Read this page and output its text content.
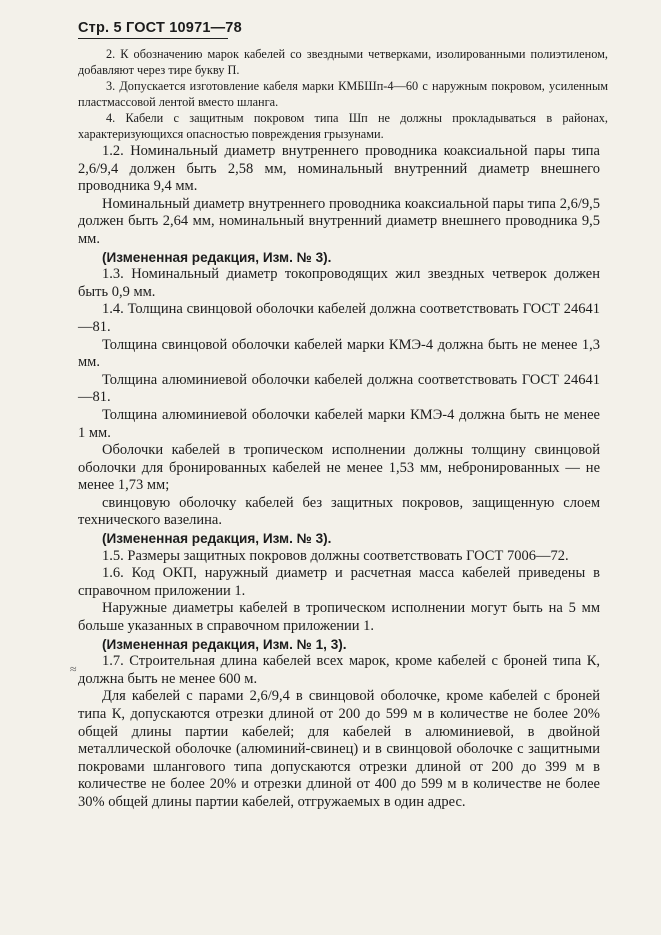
Стр. 5 ГОСТ 10971—78

2. К обозначению марок кабелей со звездными четверками, изолированными полиэтиленом, добавляют через тире букву П.

3. Допускается изготовление кабеля марки КМБШп-4—60 с наружным покровом, усиленным пластмассовой лентой вместо шланга.

4. Кабели с защитным покровом типа Шп не должны прокладываться в районах, характеризующихся опасностью повреждения грызунами.

1.2. Номинальный диаметр внутреннего проводника коаксиальной пары типа 2,6/9,4 должен быть 2,58 мм, номинальный внутренний диаметр внешнего проводника 9,4 мм.

Номинальный диаметр внутреннего проводника коаксиальной пары типа 2,6/9,5 должен быть 2,64 мм, номинальный внутренний диаметр внешнего проводника 9,5 мм.

(Измененная редакция, Изм. № 3).

1.3. Номинальный диаметр токопроводящих жил звездных четверок должен быть 0,9 мм.

1.4. Толщина свинцовой оболочки кабелей должна соответствовать ГОСТ 24641—81.

Толщина свинцовой оболочки кабелей марки КМЭ-4 должна быть не менее 1,3 мм.

Толщина алюминиевой оболочки кабелей должна соответствовать ГОСТ 24641—81.

Толщина алюминиевой оболочки кабелей марки КМЭ-4 должна быть не менее 1 мм.

Оболочки кабелей в тропическом исполнении должны толщину свинцовой оболочки для бронированных кабелей не менее 1,53 мм, небронированных — не менее 1,73 мм;

свинцовую оболочку кабелей без защитных покровов, защищенную слоем технического вазелина.

(Измененная редакция, Изм. № 3).

1.5. Размеры защитных покровов должны соответствовать ГОСТ 7006—72.

1.6. Код ОКП, наружный диаметр и расчетная масса кабелей приведены в справочном приложении 1.

Наружные диаметры кабелей в тропическом исполнении могут быть на 5 мм больше указанных в справочном приложении 1.

(Измененная редакция, Изм. № 1, 3).

1.7. Строительная длина кабелей всех марок, кроме кабелей с броней типа К, должна быть не менее 600 м.

Для кабелей с парами 2,6/9,4 в свинцовой оболочке, кроме кабелей с броней типа К, допускаются отрезки длиной от 200 до 599 м в количестве не более 20% общей длины партии кабелей; для кабелей в алюминиевой, в двойной металлической оболочке (алюминий-свинец) и в свинцовой оболочке с защитными покровами шлангового типа допускаются отрезки длиной от 200 до 399 м в количестве не более 20% и отрезки длиной от 400 до 599 м в количестве не более 30% общей длины партии кабелей, отгружаемых в один адрес.

≈
